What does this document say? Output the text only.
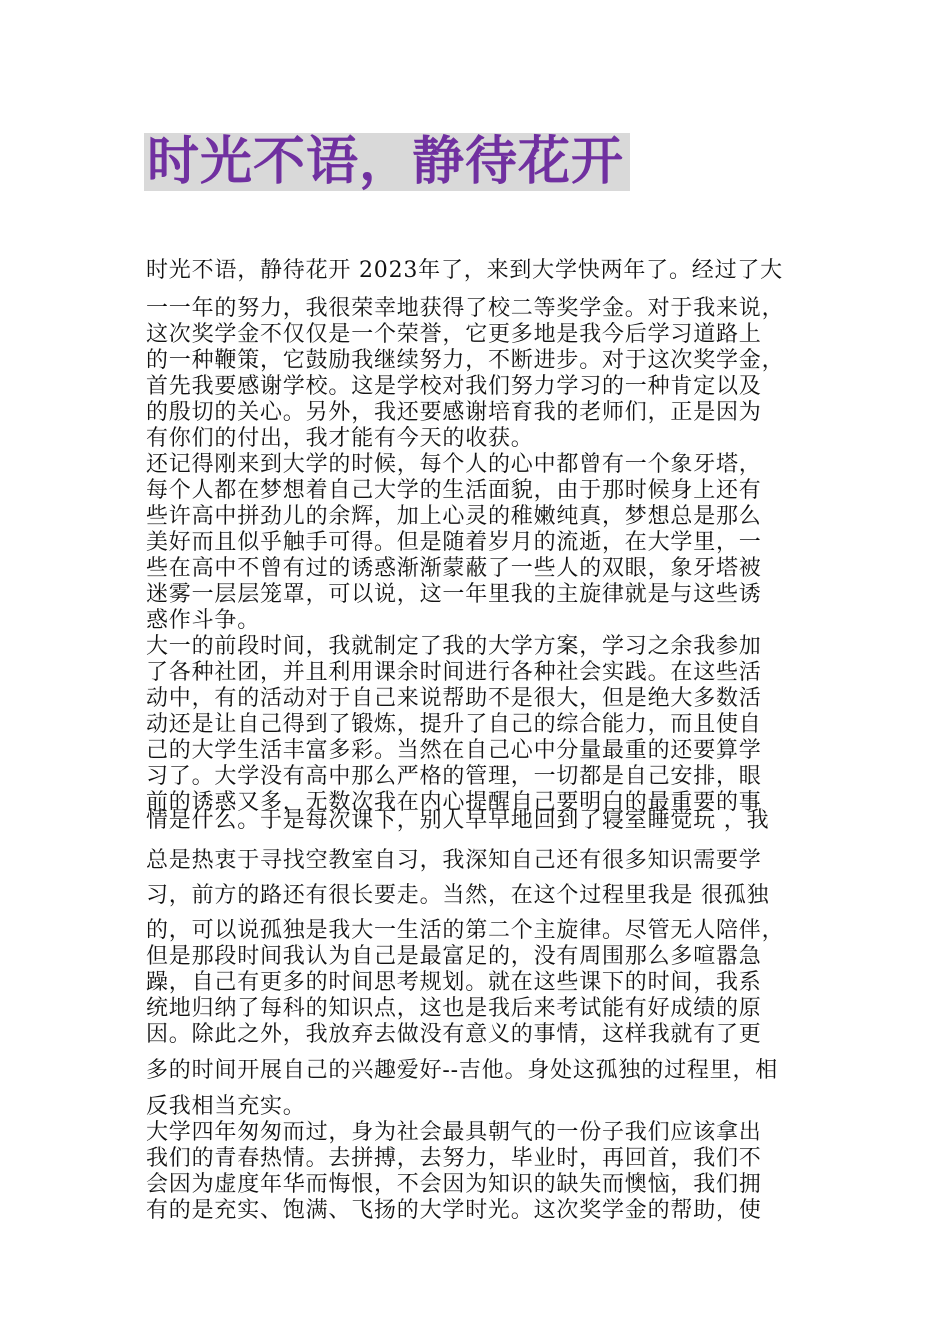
时光不语，静待花开
时光不语，静待花开 2023年了，来到大学快两年了。经过了大
一一年的努力，我很荣幸地获得了校二等奖学金。对于我来说，
这次奖学金不仅仅是一个荣誉，它更多地是我今后学习道路上
的一种鞭策，它鼓励我继续努力，不断进步。对于这次奖学金，
首先我要感谢学校。这是学校对我们努力学习的一种肯定以及
的殷切的关心。另外，我还要感谢培育我的老师们，正是因为
有你们的付出，我才能有今天的收获。
还记得刚来到大学的时候，每个人的心中都曾有一个象牙塔，
每个人都在梦想着自己大学的生活面貌，由于那时候身上还有
些许高中拼劲儿的余辉，加上心灵的稚嫩纯真，梦想总是那么
美好而且似乎触手可得。但是随着岁月的流逝，在大学里，一
些在高中不曾有过的诱惑渐渐蒙蔽了一些人的双眼，象牙塔被
迷雾一层层笼罩，可以说，这一年里我的主旋律就是与这些诱
惑作斗争。
大一的前段时间，我就制定了我的大学方案，学习之余我参加
了各种社团，并且利用课余时间进行各种社会实践。在这些活
动中，有的活动对于自己来说帮助不是很大，但是绝大多数活
动还是让自己得到了锻炼，提升了自己的综合能力，而且使自
己的大学生活丰富多彩。当然在自己心中分量最重的还要算学
习了。大学没有高中那么严格的管理，一切都是自己安排，眼
前的诱惑又多，无数次我在内心提醒自己要明白的最重要的事
情是什么。于是每次课下，别人早早地回到了寝室睡觉玩 ，我
总是热衷于寻找空教室自习，我深知自己还有很多知识需要学
习，前方的路还有很长要走。当然，在这个过程里我是 很孤独
的，可以说孤独是我大一生活的第二个主旋律。尽管无人陪伴，
但是那段时间我认为自己是最富足的，没有周围那么多喧嚣急
躁，自己有更多的时间思考规划。就在这些课下的时间，我系
统地归纳了每科的知识点，这也是我后来考试能有好成绩的原
因。除此之外，我放弃去做没有意义的事情，这样我就有了更
多的时间开展自己的兴趣爱好--吉他。身处这孤独的过程里，相
反我相当充实。
大学四年匆匆而过，身为社会最具朝气的一份子我们应该拿出
我们的青春热情。去拼搏，去努力，毕业时，再回首，我们不
会因为虚度年华而悔恨，不会因为知识的缺失而懊恼，我们拥
有的是充实、饱满、飞扬的大学时光。这次奖学金的帮助，使
